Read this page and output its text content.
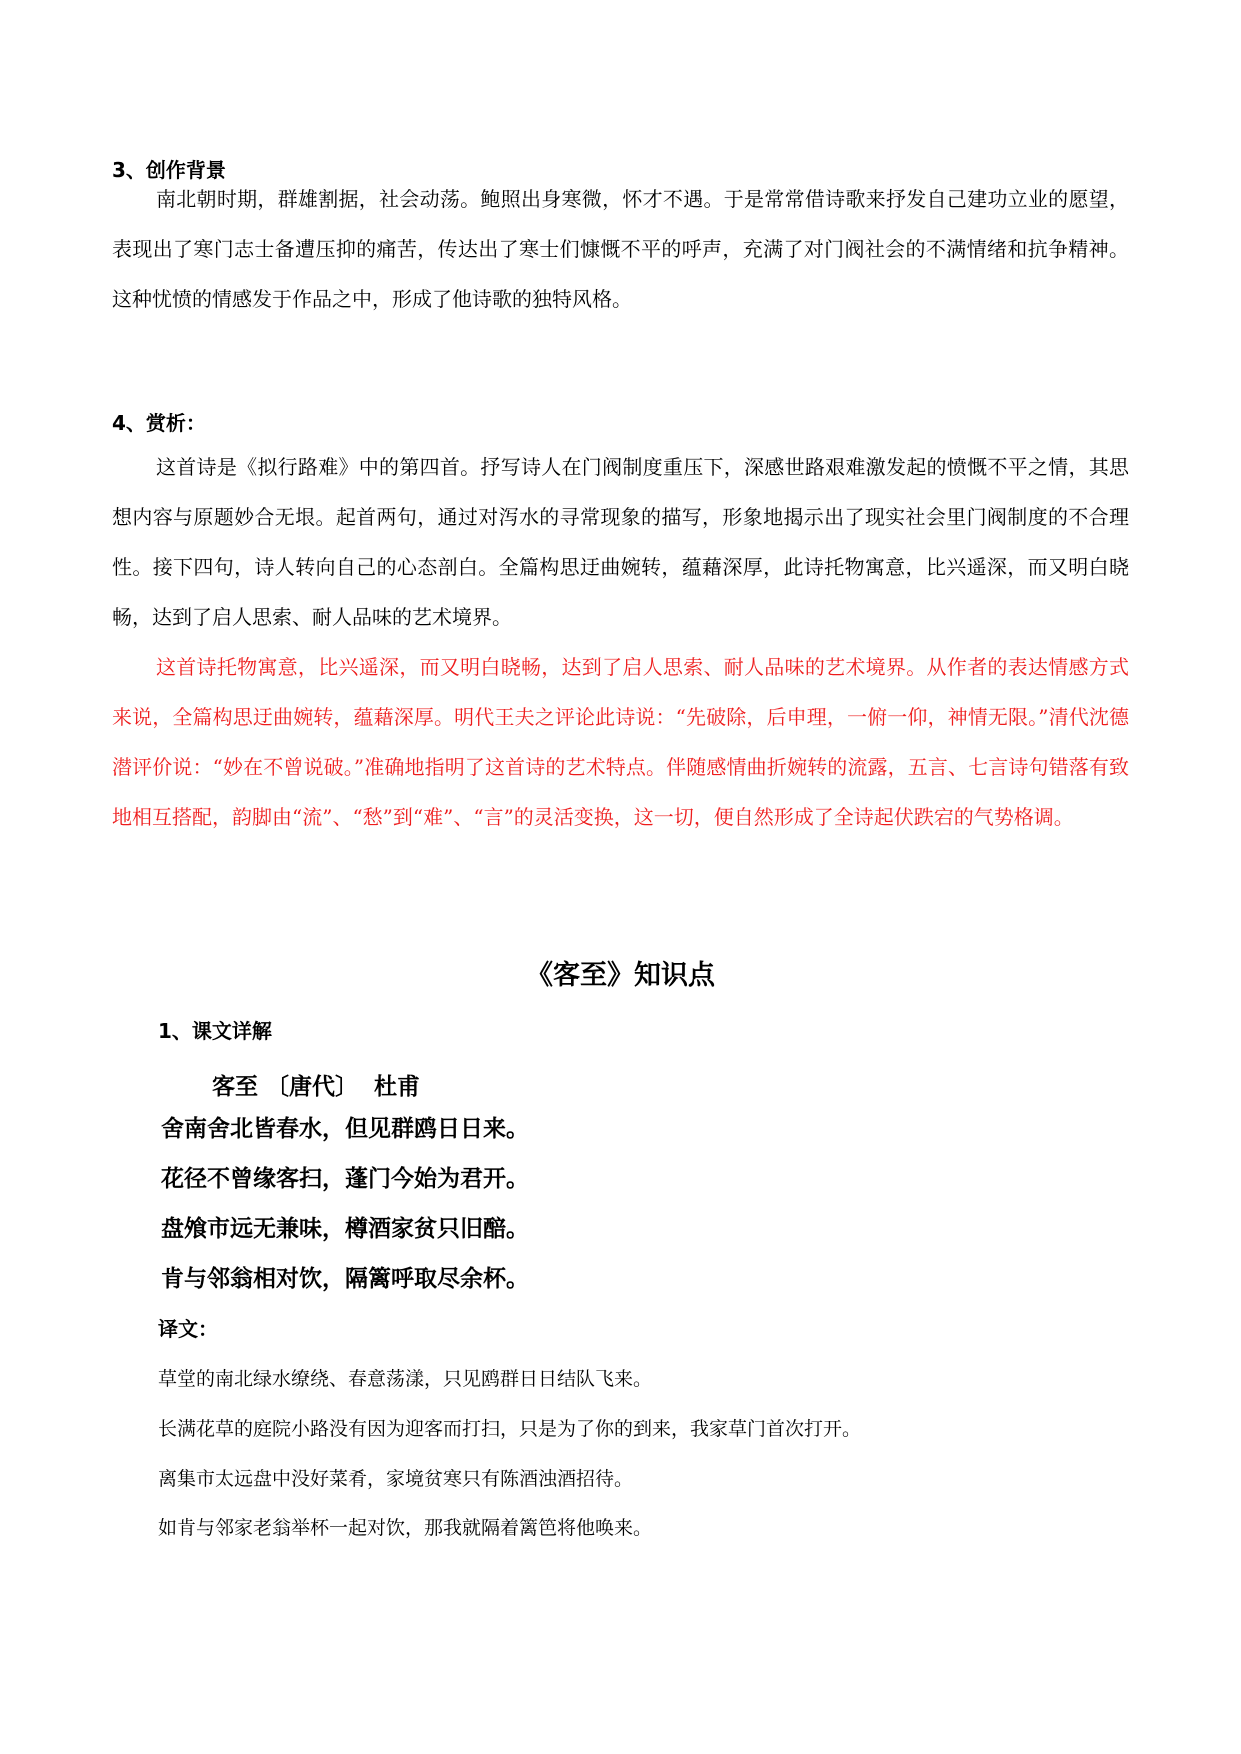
3、创作背景

南北朝时期，群雄割据，社会动荡。鲍照出身寒微，怀才不遇。于是常常借诗歌来抒发自己建功立业的愿望，表现出了寒门志士备遭压抑的痛苦，传达出了寒士们慷慨不平的呼声，充满了对门阀社会的不满情绪和抗争精神。这种忧愤的情感发于作品之中，形成了他诗歌的独特风格。

4、赏析：

这首诗是《拟行路难》中的第四首。抒写诗人在门阀制度重压下，深感世路艰难激发起的愤慨不平之情，其思想内容与原题妙合无垠。起首两句，通过对泻水的寻常现象的描写，形象地揭示出了现实社会里门阀制度的不合理性。接下四句，诗人转向自己的心态剖白。全篇构思迂曲婉转，蕴藉深厚，此诗托物寓意，比兴遥深，而又明白晓畅，达到了启人思索、耐人品味的艺术境界。

这首诗托物寓意，比兴遥深，而又明白晓畅，达到了启人思索、耐人品味的艺术境界。从作者的表达情感方式来说，全篇构思迂曲婉转，蕴藉深厚。明代王夫之评论此诗说：“先破除，后申理，一俯一仰，神情无限。”清代沈德潜评价说：“妙在不曾说破。”准确地指明了这首诗的艺术特点。伴随感情曲折婉转的流露，五言、七言诗句错落有致地相互搭配，韵脚由“流”、“愁”到“难”、“言”的灵活变换，这一切，便自然形成了全诗起伏跌宕的气势格调。

《客至》知识点
1、课文详解
客至 〔唐代〕  杜甫
舍南舍北皆春水，但见群鸥日日来。
花径不曾缘客扫，蓬门今始为君开。
盘飧市远无兼味，樽酒家贫只旧醅。
肯与邻翁相对饮，隔篱呼取尽余杯。
译文：
草堂的南北绿水缭绕、春意荡漾，只见鸥群日日结队飞来。
长满花草的庭院小路没有因为迎客而打扫，只是为了你的到来，我家草门首次打开。
离集市太远盘中没好菜肴，家境贫寒只有陈酒浊酒招待。
如肯与邻家老翁举杯一起对饮，那我就隔着篱笆将他唤来。
